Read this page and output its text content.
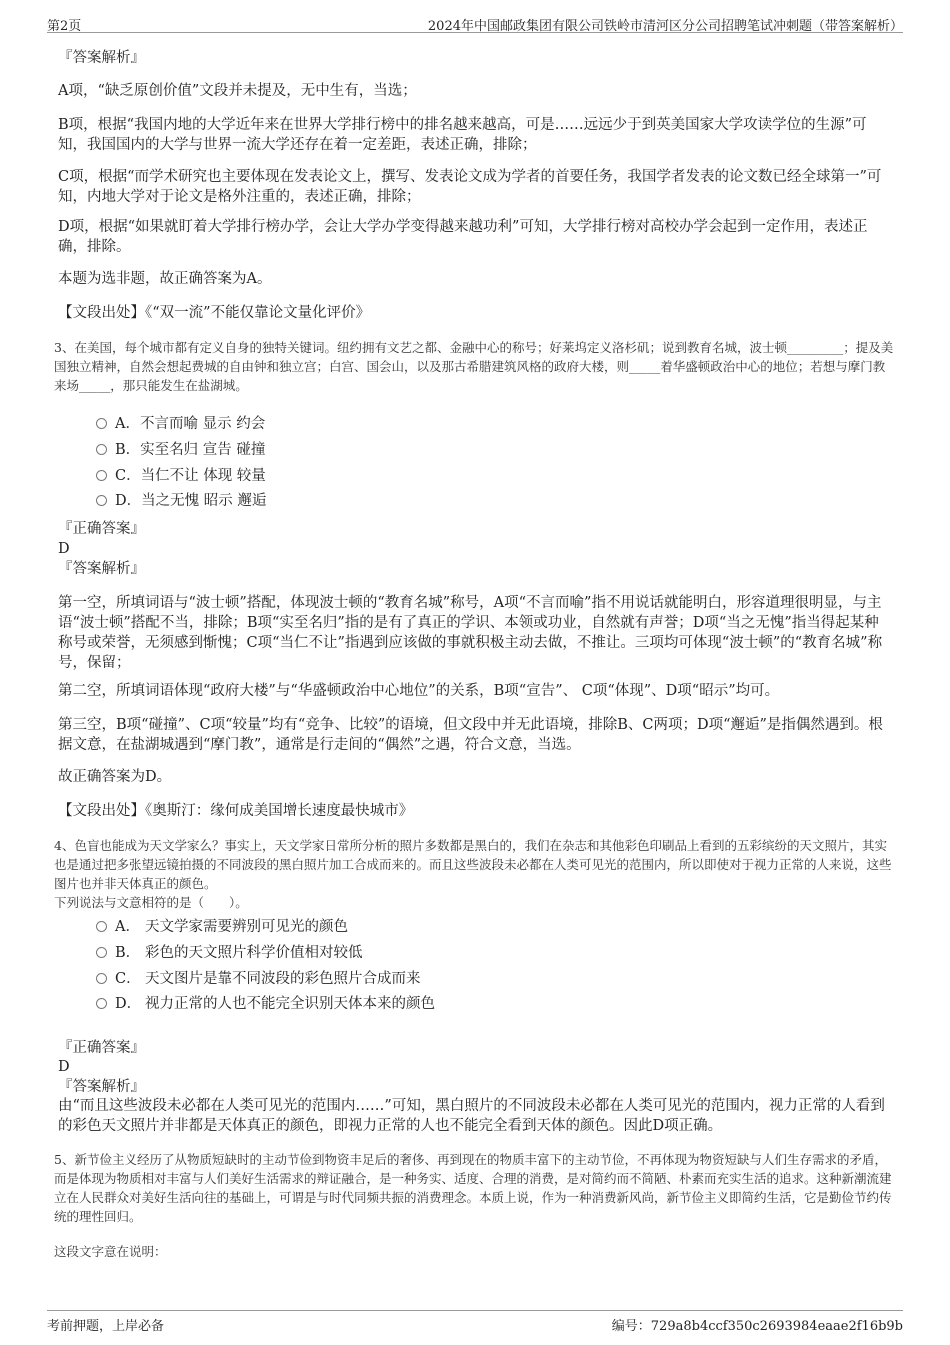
第2页	2024年中国邮政集团有限公司铁岭市清河区分公司招聘笔试冲刺题（带答案解析）
『答案解析』
A项，“缺乏原创价值”文段并未提及，无中生有，当选；
B项，根据“我国内地的大学近年来在世界大学排行榜中的排名越来越高，可是……远远少于到英美国家大学攻读学位的生源”可知，我国国内的大学与世界一流大学还存在着一定差距，表述正确，排除；
C项，根据“而学术研究也主要体现在发表论文上，撰写、发表论文成为学者的首要任务，我国学者发表的论文数已经全球第一”可知，内地大学对于论文是格外注重的，表述正确，排除；
D项，根据“如果就盯着大学排行榜办学，会让大学办学变得越来越功利”可知，大学排行榜对高校办学会起到一定作用，表述正确，排除。
本题为选非题，故正确答案为A。
【文段出处】《“双一流”不能仅靠论文量化评价》
3、在美国，每个城市都有定义自身的独特关键词。纽约拥有文艺之都、金融中心的称号；好莱坞定义洛杉矶；说到教育名城，波士顿_________；提及美国独立精神，自然会想起费城的自由钟和独立宫；白宫、国会山，以及那古希腊建筑风格的政府大楼，则_____着华盛顿政治中心的地位；若想与摩门教来场_____，那只能发生在盐湖城。
A．不言而喻 显示 约会
B．实至名归 宣告 碰撞
C．当仁不让 体现 较量
D．当之无愧 昭示 邂逅
『正确答案』
D
『答案解析』
第一空，所填词语与“波士顿”搭配，体现波士顿的“教育名城”称号，A项“不言而喻”指不用说话就能明白，形容道理很明显，与主语“波士顿”搭配不当，排除；B项“实至名归”指的是有了真正的学识、本领或功业，自然就有声誉；D项“当之无愧”指当得起某种称号或荣誉，无须感到惭愧；C项“当仁不让”指遇到应该做的事就积极主动去做，不推让。三项均可体现“波士顿”的“教育名城”称号，保留；
第二空，所填词语体现“政府大楼”与“华盛顿政治中心地位”的关系，B项“宣告”、 C项“体现”、D项“昭示”均可。
第三空，B项“碰撞”、C项“较量”均有“竞争、比较”的语境，但文段中并无此语境，排除B、C两项；D项“邂逅”是指偶然遇到。根据文意，在盐湖城遇到“摩门教”，通常是行走间的“偶然”之遇，符合文意，当选。
故正确答案为D。
【文段出处】《奥斯汀：缘何成美国增长速度最快城市》
4、色盲也能成为天文学家么？事实上，天文学家日常所分析的照片多数都是黑白的，我们在杂志和其他彩色印刷品上看到的五彩缤纷的天文照片，其实也是通过把多张望远镜拍摄的不同波段的黑白照片加工合成而来的。而且这些波段未必都在人类可见光的范围内，所以即使对于视力正常的人来说，这些图片也并非天体真正的颜色。
下列说法与文意相符的是（　　）。
A． 天文学家需要辨别可见光的颜色
B． 彩色的天文照片科学价值相对较低
C． 天文图片是靠不同波段的彩色照片合成而来
D． 视力正常的人也不能完全识别天体本来的颜色
『正确答案』
D
『答案解析』
由“而且这些波段未必都在人类可见光的范围内……”可知，黑白照片的不同波段未必都在人类可见光的范围内，视力正常的人看到的彩色天文照片并非都是天体真正的颜色，即视力正常的人也不能完全看到天体的颜色。因此D项正确。
5、新节俭主义经历了从物质短缺时的主动节俭到物资丰足后的奢侈、再到现在的物质丰富下的主动节俭，不再体现为物资短缺与人们生存需求的矛盾，而是体现为物质相对丰富与人们美好生活需求的辩证融合，是一种务实、适度、合理的消费，是对简约而不简陋、朴素而充实生活的追求。这种新潮流建立在人民群众对美好生活向往的基础上，可谓是与时代同频共振的消费理念。本质上说，作为一种消费新风尚，新节俭主义即简约生活，它是勤俭节约传统的理性回归。
这段文字意在说明：
考前押题，上岸必备	编号：729a8b4ccf350c2693984eaae2f16b9b
